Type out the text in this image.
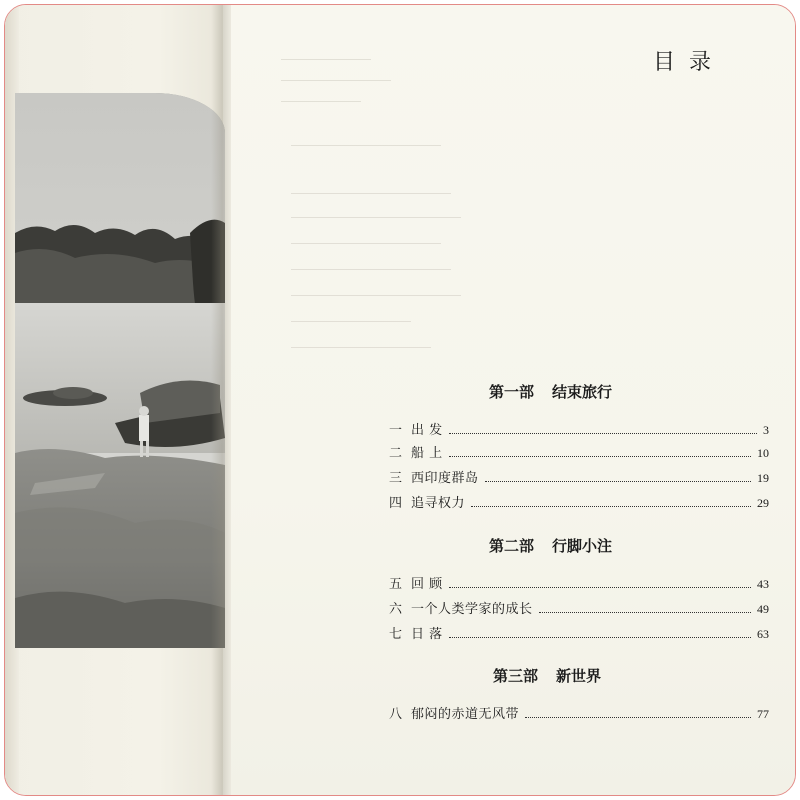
目录
第一部 结束旅行
一 出 发	3
二 船 上	10
三 西印度群岛	19
四 追寻权力	29
第二部 行脚小注
五 回 顾	43
六 一个人类学家的成长	49
七 日 落	63
第三部 新世界
八 郁闷的赤道无风带	77
